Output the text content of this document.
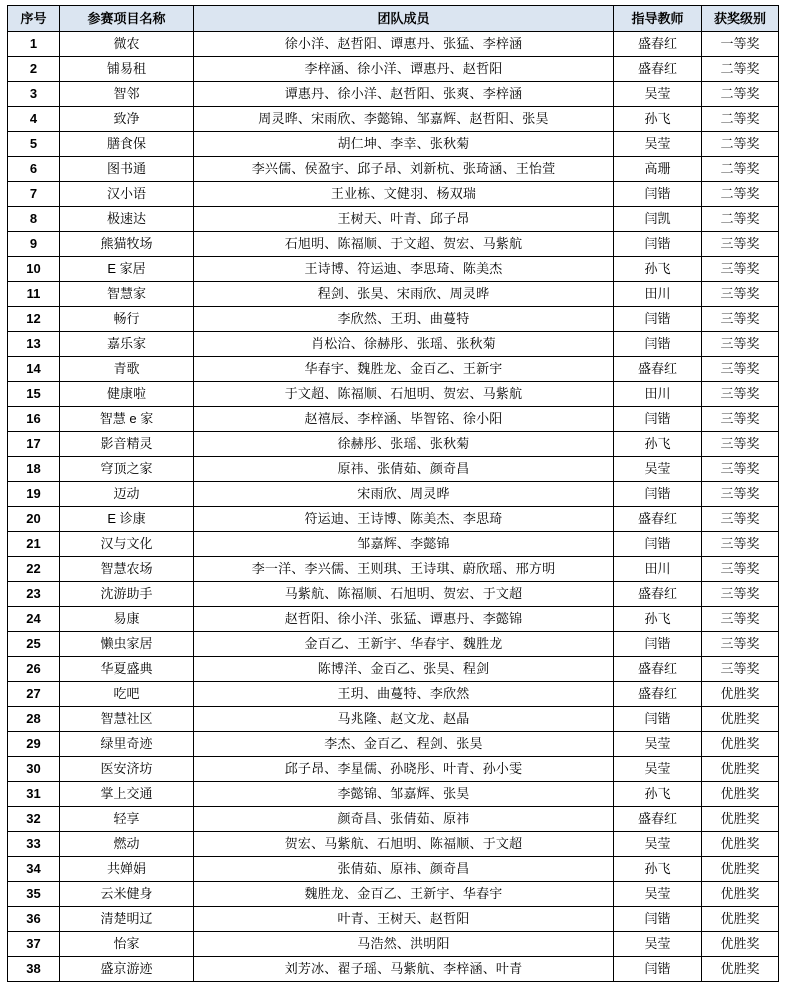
序号	参赛项目名称	团队成员	指导教师	获奖级别
1	微农	徐小洋、赵哲阳、谭惠丹、张猛、李梓涵	盛春红	一等奖
2	铺易租	李梓涵、徐小洋、谭惠丹、赵哲阳	盛春红	二等奖
3	智邻	谭惠丹、徐小洋、赵哲阳、张爽、李梓涵	吴莹	二等奖
4	致净	周灵晔、宋雨欣、李懿锦、邹嘉辉、赵哲阳、张昊	孙飞	二等奖
5	膳食保	胡仁坤、李幸、张秋菊	吴莹	二等奖
6	图书通	李兴儒、侯盈宇、邱子昂、刘新杭、张琦涵、王怡萱	高珊	二等奖
7	汉小语	王业栋、文健羽、杨双瑞	闫锴	二等奖
8	极速达	王树天、叶青、邱子昂	闫凯	二等奖
9	熊猫牧场	石旭明、陈福顺、于文超、贺宏、马紫航	闫锴	三等奖
10	E 家居	王诗博、符运迪、李思琦、陈美杰	孙飞	三等奖
11	智慧家	程剑、张昊、宋雨欣、周灵晔	田川	三等奖
12	畅行	李欣然、王玥、曲蔓特	闫锴	三等奖
13	嘉乐家	肖松洽、徐赫彤、张瑶、张秋菊	闫锴	三等奖
14	青歌	华春宇、魏胜龙、金百乙、王新宇	盛春红	三等奖
15	健康啦	于文超、陈福顺、石旭明、贺宏、马紫航	田川	三等奖
16	智慧 e 家	赵禧辰、李梓涵、毕智铭、徐小阳	闫锴	三等奖
17	影音精灵	徐赫彤、张瑶、张秋菊	孙飞	三等奖
18	穹顶之家	原祎、张倩茹、颜奇昌	吴莹	三等奖
19	迈动	宋雨欣、周灵晔	闫锴	三等奖
20	E 诊康	符运迪、王诗博、陈美杰、李思琦	盛春红	三等奖
21	汉与文化	邹嘉辉、李懿锦	闫锴	三等奖
22	智慧农场	李一洋、李兴儒、王则琪、王诗琪、蔚欣瑶、邢方明	田川	三等奖
23	沈游助手	马紫航、陈福顺、石旭明、贺宏、于文超	盛春红	三等奖
24	易康	赵哲阳、徐小洋、张猛、谭惠丹、李懿锦	孙飞	三等奖
25	懒虫家居	金百乙、王新宇、华春宇、魏胜龙	闫锴	三等奖
26	华夏盛典	陈博洋、金百乙、张昊、程剑	盛春红	三等奖
27	吃吧	王玥、曲蔓特、李欣然	盛春红	优胜奖
28	智慧社区	马兆隆、赵文龙、赵晶	闫锴	优胜奖
29	绿里奇迹	李杰、金百乙、程剑、张昊	吴莹	优胜奖
30	医安济坊	邱子昂、李星儒、孙晓彤、叶青、孙小雯	吴莹	优胜奖
31	掌上交通	李懿锦、邹嘉辉、张昊	孙飞	优胜奖
32	轻享	颜奇昌、张倩茹、原祎	盛春红	优胜奖
33	燃动	贺宏、马紫航、石旭明、陈福顺、于文超	吴莹	优胜奖
34	共婵娟	张倩茹、原祎、颜奇昌	孙飞	优胜奖
35	云米健身	魏胜龙、金百乙、王新宇、华春宇	吴莹	优胜奖
36	清楚明辽	叶青、王树天、赵哲阳	闫锴	优胜奖
37	怡家	马浩然、洪明阳	吴莹	优胜奖
38	盛京游迹	刘芳冰、翟子瑶、马紫航、李梓涵、叶青	闫锴	优胜奖
